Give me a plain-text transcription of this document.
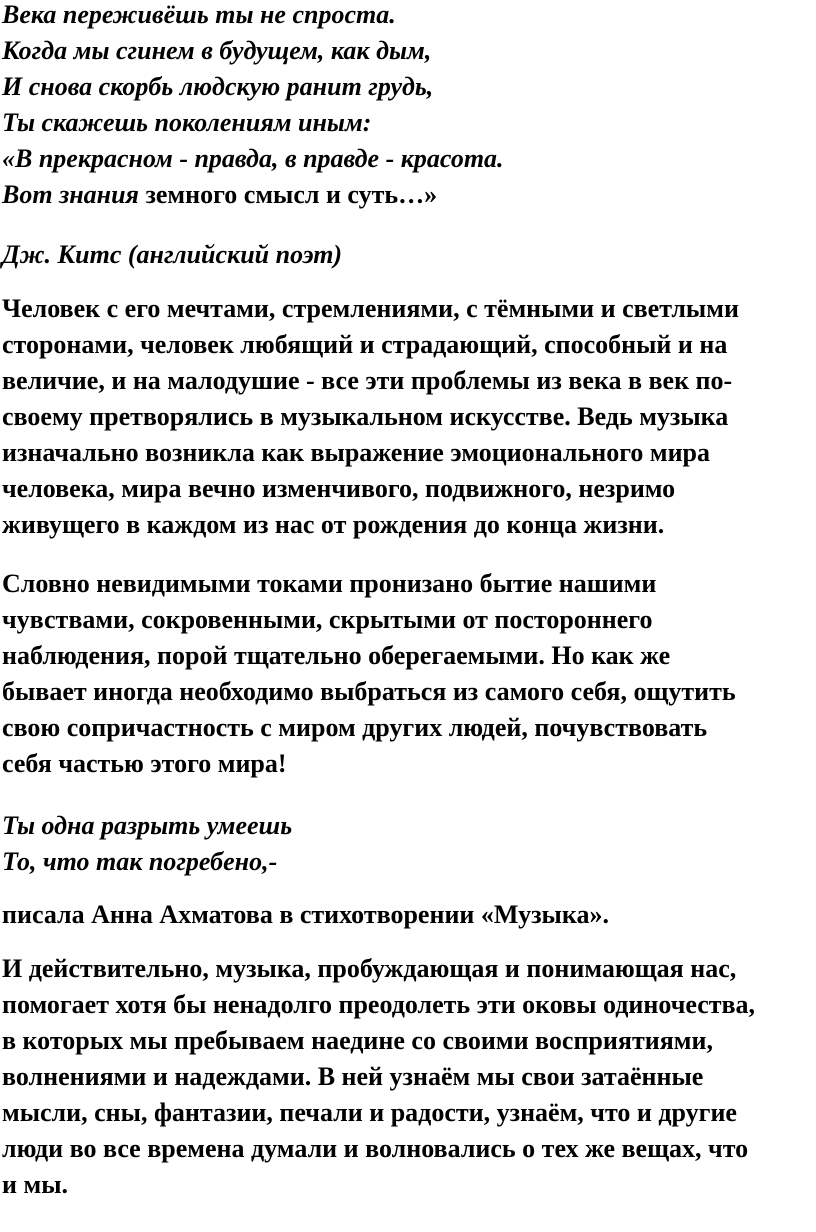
Века переживёшь ты не спроста.
Когда мы сгинем в будущем, как дым,
И снова скорбь людскую ранит грудь,
Ты скажешь поколениям иным:
«В прекрасном - правда, в правде - красота.
Вот знания земного смысл и суть…»
Дж. Китс (английский поэт)
Человек с его мечтами, стремлениями, с тёмными и светлыми
сторонами, человек любящий и страдающий, способный и на
величие, и на малодушие - все эти проблемы из века в век по-
своему претворялись в музыкальном искусстве. Ведь музыка
изначально возникла как выражение эмоционального мира
человека, мира вечно изменчивого, подвижного, незримо
живущего в каждом из нас от рождения до конца жизни.
Словно невидимыми токами пронизано бытие нашими
чувствами, сокровенными, скрытыми от постороннего
наблюдения, порой тщательно оберегаемыми. Но как же
бывает иногда необходимо выбраться из самого себя, ощутить
свою сопричастность с миром других людей, почувствовать
себя частью этого мира!
Ты одна разрыть умеешь
То, что так погребено,-
писала Анна Ахматова в стихотворении «Музыка».
И действительно, музыка, пробуждающая и понимающая нас,
помогает хотя бы ненадолго преодолеть эти оковы одиночества,
в которых мы пребываем наедине со своими восприятиями,
волнениями и надеждами. В ней узнаём мы свои затаённые
мысли, сны, фантазии, печали и радости, узнаём, что и другие
люди во все времена думали и волновались о тех же вещах, что
и мы.
